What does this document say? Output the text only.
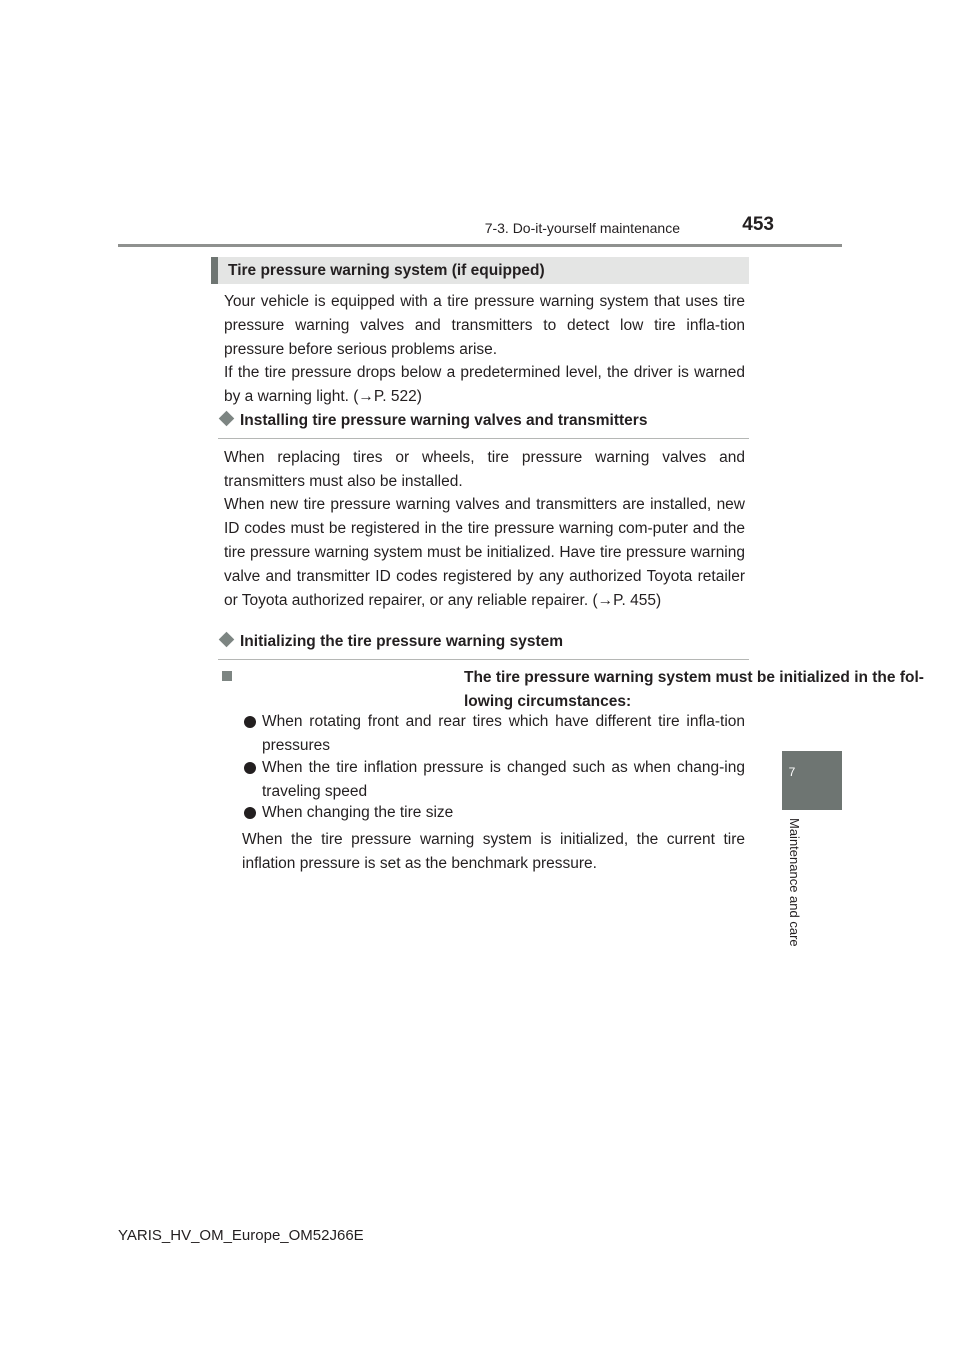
7-3. Do-it-yourself maintenance	453
7
Maintenance and care
Tire pressure warning system (if equipped)

Your vehicle is equipped with a tire pressure warning system that uses tire pressure warning valves and transmitters to detect low tire infla-tion pressure before serious problems arise.

If the tire pressure drops below a predetermined level, the driver is warned by a warning light. (→P. 522)

Installing tire pressure warning valves and transmitters

When replacing tires or wheels, tire pressure warning valves and transmitters must also be installed.

When new tire pressure warning valves and transmitters are installed, new ID codes must be registered in the tire pressure warning com-puter and the tire pressure warning system must be initialized. Have tire pressure warning valve and transmitter ID codes registered by any authorized Toyota retailer or Toyota authorized repairer, or any reliable repairer. (→P. 455)

Initializing the tire pressure warning system
The tire pressure warning system must be initialized in the fol-lowing circumstances:
When rotating front and rear tires which have different tire infla-tion pressures
When the tire inflation pressure is changed such as when chang-ing traveling speed
When changing the tire size

When the tire pressure warning system is initialized, the current tire inflation pressure is set as the benchmark pressure.

YARIS_HV_OM_Europe_OM52J66E
